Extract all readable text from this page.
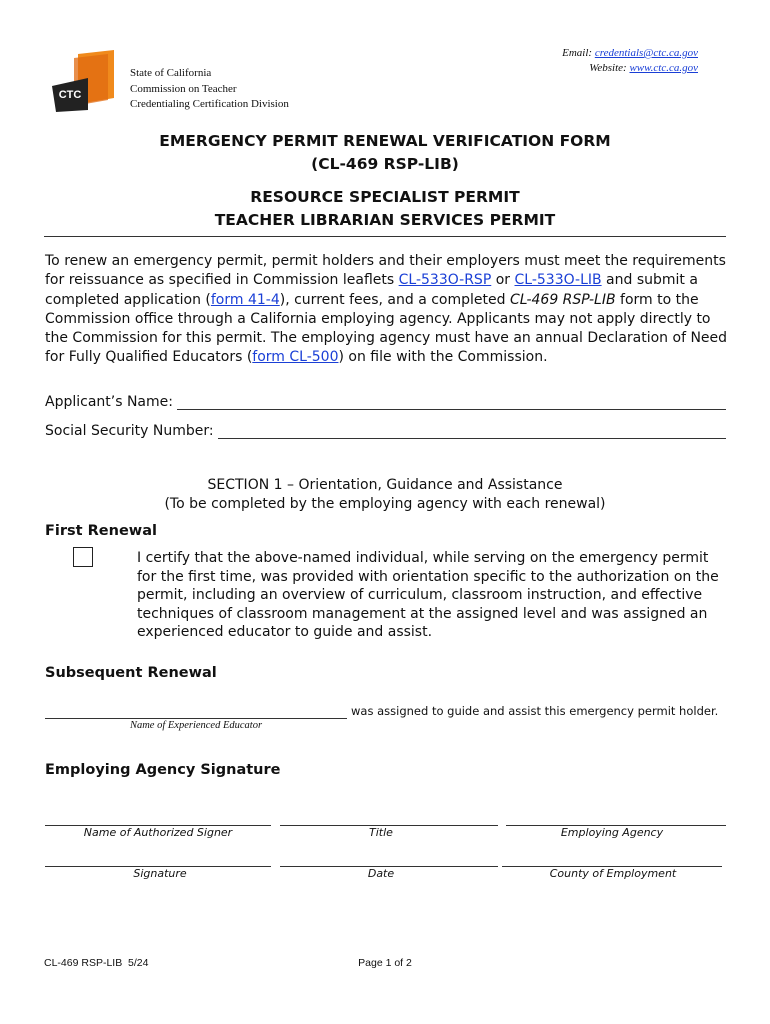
CTC
State of California
Commission on Teacher
Credentialing Certification Division
Email: credentials@ctc.ca.gov
Website: www.ctc.ca.gov
EMERGENCY PERMIT RENEWAL VERIFICATION FORM
(CL-469 RSP-LIB)
RESOURCE SPECIALIST PERMIT
TEACHER LIBRARIAN SERVICES PERMIT
To renew an emergency permit, permit holders and their employers must meet the requirements for reissuance as specified in Commission leaflets CL-533O-RSP or CL-533O-LIB and submit a completed application (form 41-4), current fees, and a completed CL-469 RSP-LIB form to the Commission office through a California employing agency. Applicants may not apply directly to the Commission for this permit. The employing agency must have an annual Declaration of Need for Fully Qualified Educators (form CL-500) on file with the Commission.
Applicant’s Name:
Social Security Number:
SECTION 1 – Orientation, Guidance and Assistance
(To be completed by the employing agency with each renewal)
First Renewal
I certify that the above-named individual, while serving on the emergency permit for the first time, was provided with orientation specific to the authorization on the permit, including an overview of curriculum, classroom instruction, and effective techniques of classroom management at the assigned level and was assigned an experienced educator to guide and assist.
Subsequent Renewal
Name of Experienced Educator
was assigned to guide and assist this emergency permit holder.
Employing Agency Signature
Name of Authorized Signer	Title	Employing Agency
Signature	Date	County of Employment
CL-469 RSP-LIB  5/24	Page 1 of 2
